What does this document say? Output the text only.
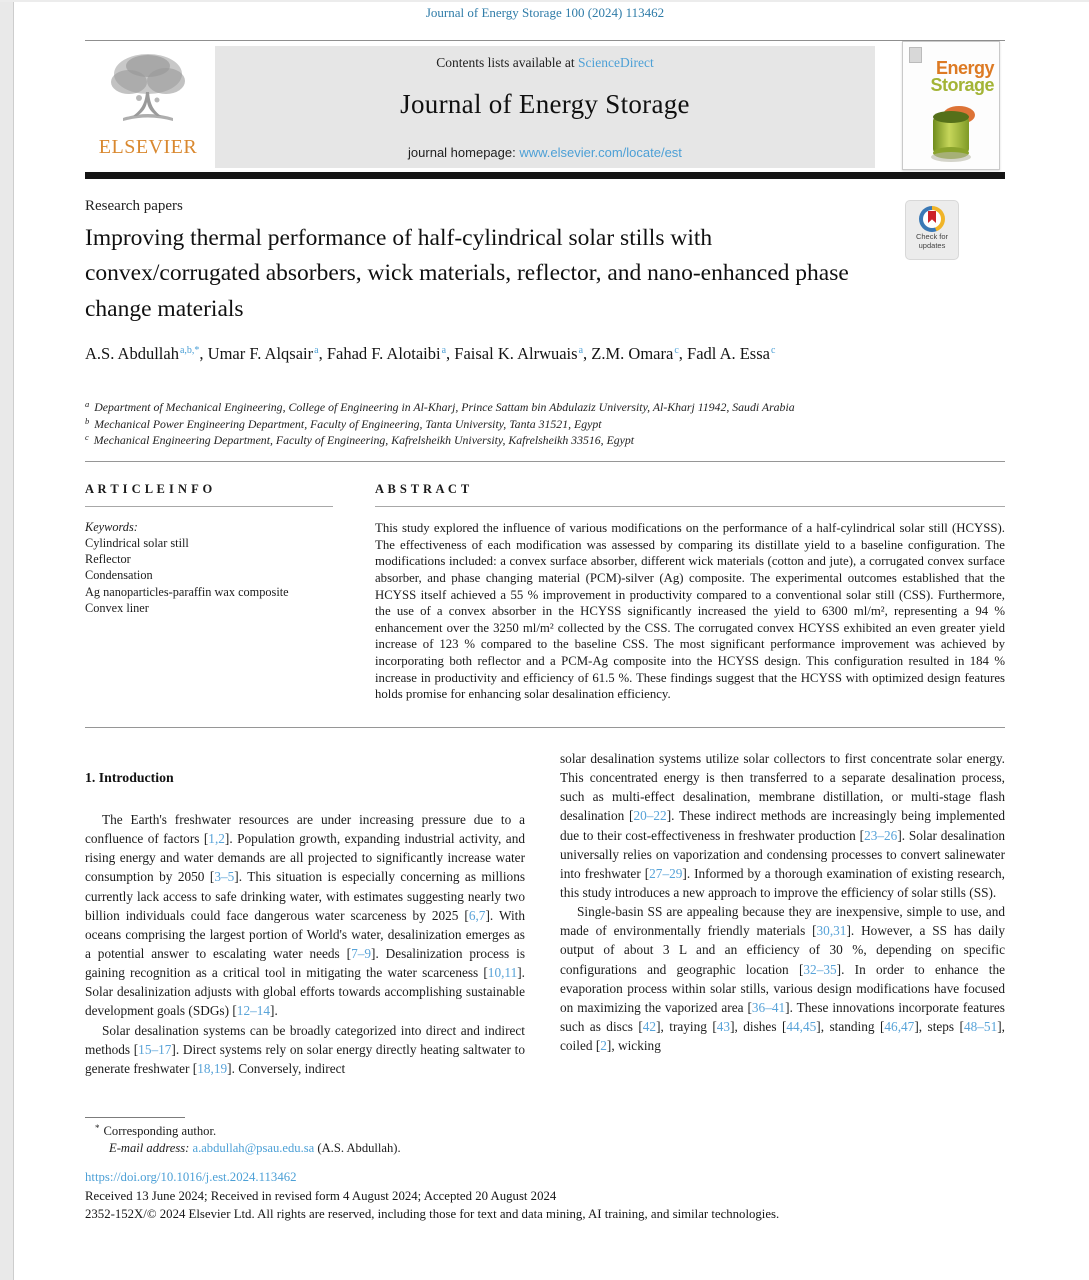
Journal of Energy Storage 100 (2024) 113462
ELSEVIER
Contents lists available at ScienceDirect
Journal of Energy Storage
journal homepage: www.elsevier.com/locate/est
Energy
Storage
Research papers
Check for
updates
Improving thermal performance of half-cylindrical solar stills with convex/corrugated absorbers, wick materials, reflector, and nano-enhanced phase change materials
A.S. Abdullah$^{a,b,*}$, Umar F. Alqsair$^a$, Fahad F. Alotaibi$^a$, Faisal K. Alrwuais$^a$, Z.M. Omara$^c$, Fadl A. Essa$^c$
$^a$ Department of Mechanical Engineering, College of Engineering in Al-Kharj, Prince Sattam bin Abdulaziz University, Al-Kharj 11942, Saudi Arabia
$^b$ Mechanical Power Engineering Department, Faculty of Engineering, Tanta University, Tanta 31521, Egypt
$^c$ Mechanical Engineering Department, Faculty of Engineering, Kafrelsheikh University, Kafrelsheikh 33516, Egypt
A R T I C L E I N F O
Keywords:
Cylindrical solar still
Reflector
Condensation
Ag nanoparticles-paraffin wax composite
Convex liner
A B S T R A C T
This study explored the influence of various modifications on the performance of a half-cylindrical solar still (HCYSS). The effectiveness of each modification was assessed by comparing its distillate yield to a baseline configuration. The modifications included: a convex surface absorber, different wick materials (cotton and jute), a corrugated convex surface absorber, and phase changing material (PCM)-silver (Ag) composite. The experimental outcomes established that the HCYSS itself achieved a 55 % improvement in productivity compared to a conventional solar still (CSS). Furthermore, the use of a convex absorber in the HCYSS significantly increased the yield to 6300 ml/m², representing a 94 % enhancement over the 3250 ml/m² collected by the CSS. The corrugated convex HCYSS exhibited an even greater yield increase of 123 % compared to the baseline CSS. The most significant performance improvement was achieved by incorporating both reflector and a PCM-Ag composite into the HCYSS design. This configuration resulted in 184 % increase in productivity and efficiency of 61.5 %. These findings suggest that the HCYSS with optimized design features holds promise for enhancing solar desalination efficiency.
1. Introduction

The Earth's freshwater resources are under increasing pressure due to a confluence of factors [1,2]. Population growth, expanding industrial activity, and rising energy and water demands are all projected to significantly increase water consumption by 2050 [3–5]. This situation is especially concerning as millions currently lack access to safe drinking water, with estimates suggesting nearly two billion individuals could face dangerous water scarceness by 2025 [6,7]. With oceans comprising the largest portion of World's water, desalinization emerges as a potential answer to escalating water needs [7–9]. Desalinization process is gaining recognition as a critical tool in mitigating the water scarceness [10,11]. Solar desalinization adjusts with global efforts towards accomplishing sustainable development goals (SDGs) [12–14].

Solar desalination systems can be broadly categorized into direct and indirect methods [15–17]. Direct systems rely on solar energy directly heating saltwater to generate freshwater [18,19]. Conversely, indirect

solar desalination systems utilize solar collectors to first concentrate solar energy. This concentrated energy is then transferred to a separate desalination process, such as multi-effect desalination, membrane distillation, or multi-stage flash desalination [20–22]. These indirect methods are increasingly being implemented due to their cost-effectiveness in freshwater production [23–26]. Solar desalination universally relies on vaporization and condensing processes to convert salinewater into freshwater [27–29]. Informed by a thorough examination of existing research, this study introduces a new approach to improve the efficiency of solar stills (SS).

Single-basin SS are appealing because they are inexpensive, simple to use, and made of environmentally friendly materials [30,31]. However, a SS has daily output of about 3 L and an efficiency of 30 %, depending on specific configurations and geographic location [32–35]. In order to enhance the evaporation process within solar stills, various design modifications have focused on maximizing the vaporized area [36–41]. These innovations incorporate features such as discs [42], traying [43], dishes [44,45], standing [46,47], steps [48–51], coiled [2], wicking

* Corresponding author.
E-mail address: a.abdullah@psau.edu.sa (A.S. Abdullah).
https://doi.org/10.1016/j.est.2024.113462
Received 13 June 2024; Received in revised form 4 August 2024; Accepted 20 August 2024
2352-152X/© 2024 Elsevier Ltd. All rights are reserved, including those for text and data mining, AI training, and similar technologies.
